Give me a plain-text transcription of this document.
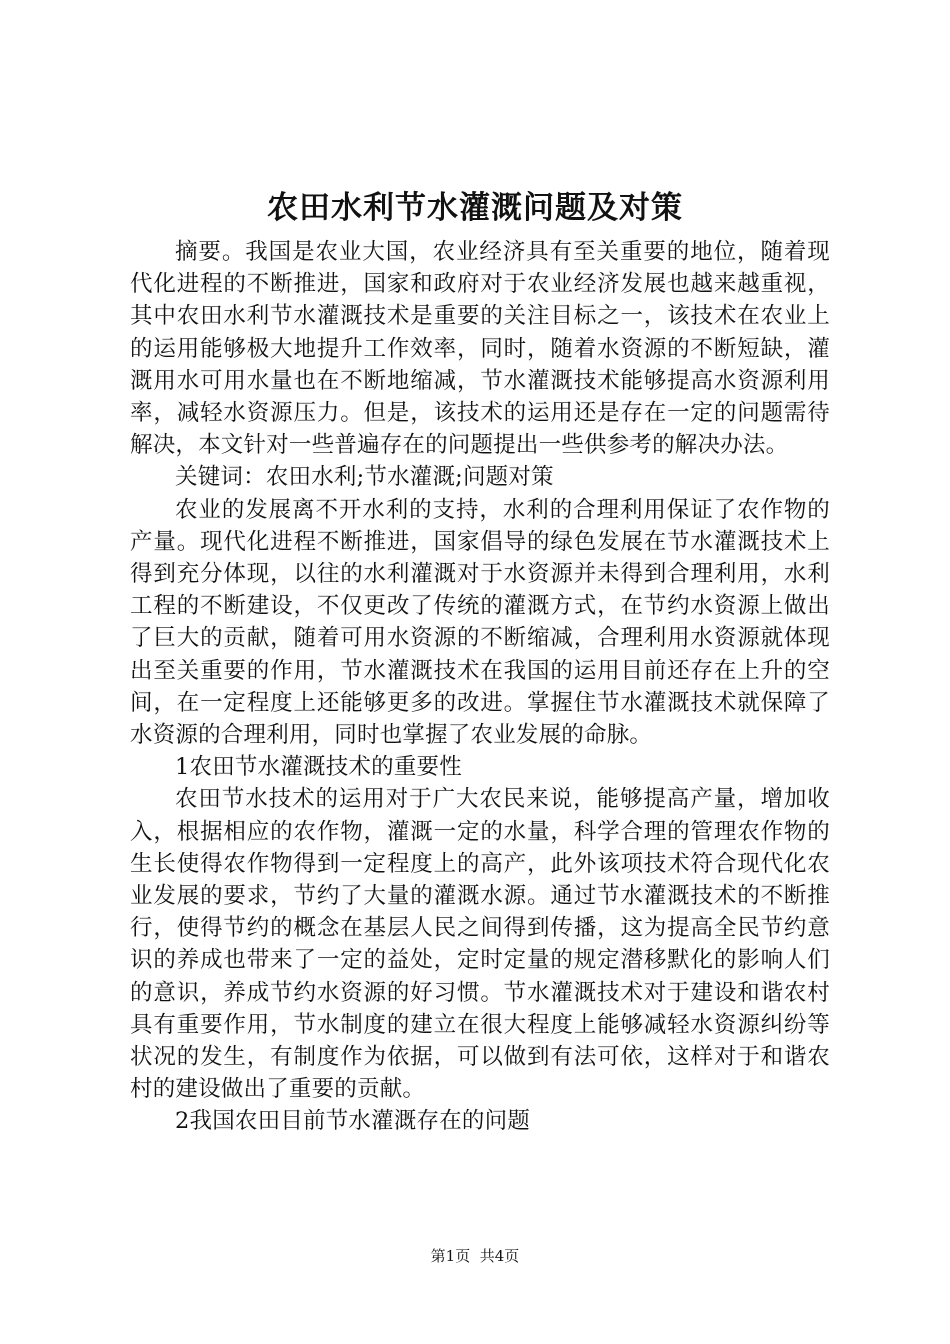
农田水利节水灌溉问题及对策

摘要。我国是农业大国，农业经济具有至关重要的地位，随着现代化进程的不断推进，国家和政府对于农业经济发展也越来越重视，其中农田水利节水灌溉技术是重要的关注目标之一，该技术在农业上的运用能够极大地提升工作效率，同时，随着水资源的不断短缺，灌溉用水可用水量也在不断地缩减，节水灌溉技术能够提高水资源利用率，减轻水资源压力。但是，该技术的运用还是存在一定的问题需待解决，本文针对一些普遍存在的问题提出一些供参考的解决办法。

关键词：农田水利;节水灌溉;问题对策

农业的发展离不开水利的支持，水利的合理利用保证了农作物的产量。现代化进程不断推进，国家倡导的绿色发展在节水灌溉技术上得到充分体现，以往的水利灌溉对于水资源并未得到合理利用，水利工程的不断建设，不仅更改了传统的灌溉方式，在节约水资源上做出了巨大的贡献，随着可用水资源的不断缩减，合理利用水资源就体现出至关重要的作用，节水灌溉技术在我国的运用目前还存在上升的空间，在一定程度上还能够更多的改进。掌握住节水灌溉技术就保障了水资源的合理利用，同时也掌握了农业发展的命脉。

1农田节水灌溉技术的重要性

农田节水技术的运用对于广大农民来说，能够提高产量，增加收入，根据相应的农作物，灌溉一定的水量，科学合理的管理农作物的生长使得农作物得到一定程度上的高产，此外该项技术符合现代化农业发展的要求，节约了大量的灌溉水源。通过节水灌溉技术的不断推行，使得节约的概念在基层人民之间得到传播，这为提高全民节约意识的养成也带来了一定的益处，定时定量的规定潜移默化的影响人们的意识，养成节约水资源的好习惯。节水灌溉技术对于建设和谐农村具有重要作用，节水制度的建立在很大程度上能够减轻水资源纠纷等状况的发生，有制度作为依据，可以做到有法可依，这样对于和谐农村的建设做出了重要的贡献。

2我国农田目前节水灌溉存在的问题

第1页 共4页
